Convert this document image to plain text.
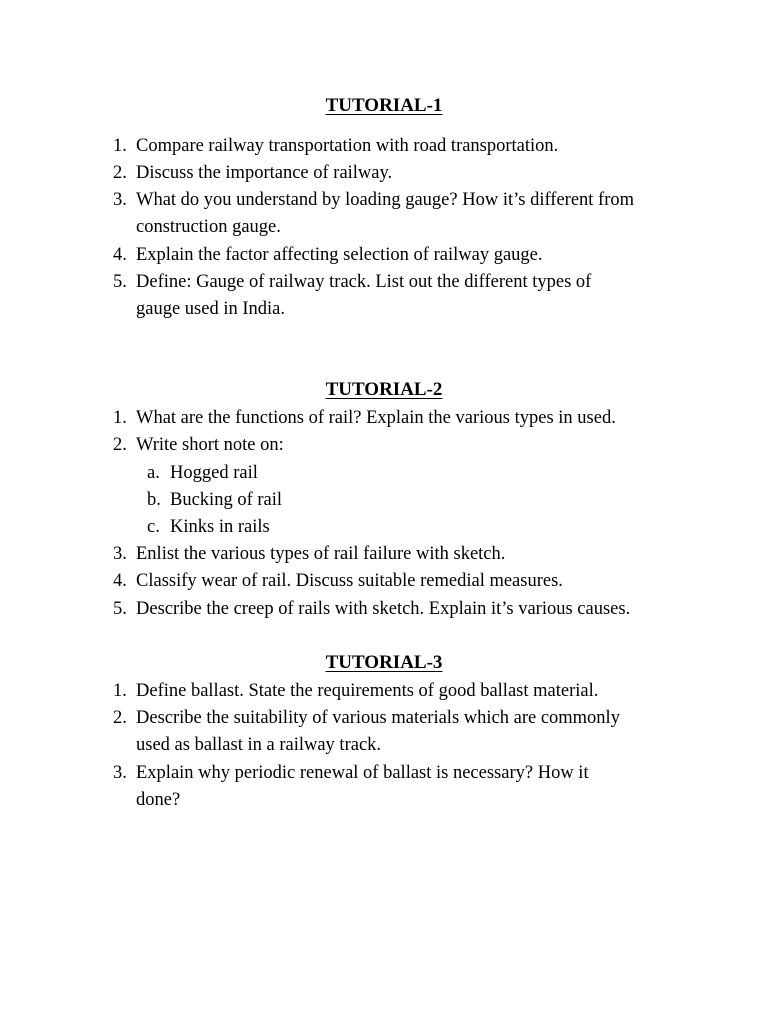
TUTORIAL-1
1. Compare railway transportation with road transportation.
2. Discuss the importance of railway.
3. What do you understand by loading gauge? How it’s different from
construction gauge.
4. Explain the factor affecting selection of railway gauge.
5. Define: Gauge of railway track. List out the different types of
gauge used in India.
TUTORIAL-2
1. What are the functions of rail? Explain the various types in used.
2. Write short note on:
a. Hogged rail
b. Bucking of rail
c. Kinks in rails
3. Enlist the various types of rail failure with sketch.
4. Classify wear of rail. Discuss suitable remedial measures.
5. Describe the creep of rails with sketch. Explain it’s various causes.
TUTORIAL-3
1. Define ballast. State the requirements of good ballast material.
2. Describe the suitability of various materials which are commonly
used as ballast in a railway track.
3. Explain why periodic renewal of ballast is necessary? How it
done?
